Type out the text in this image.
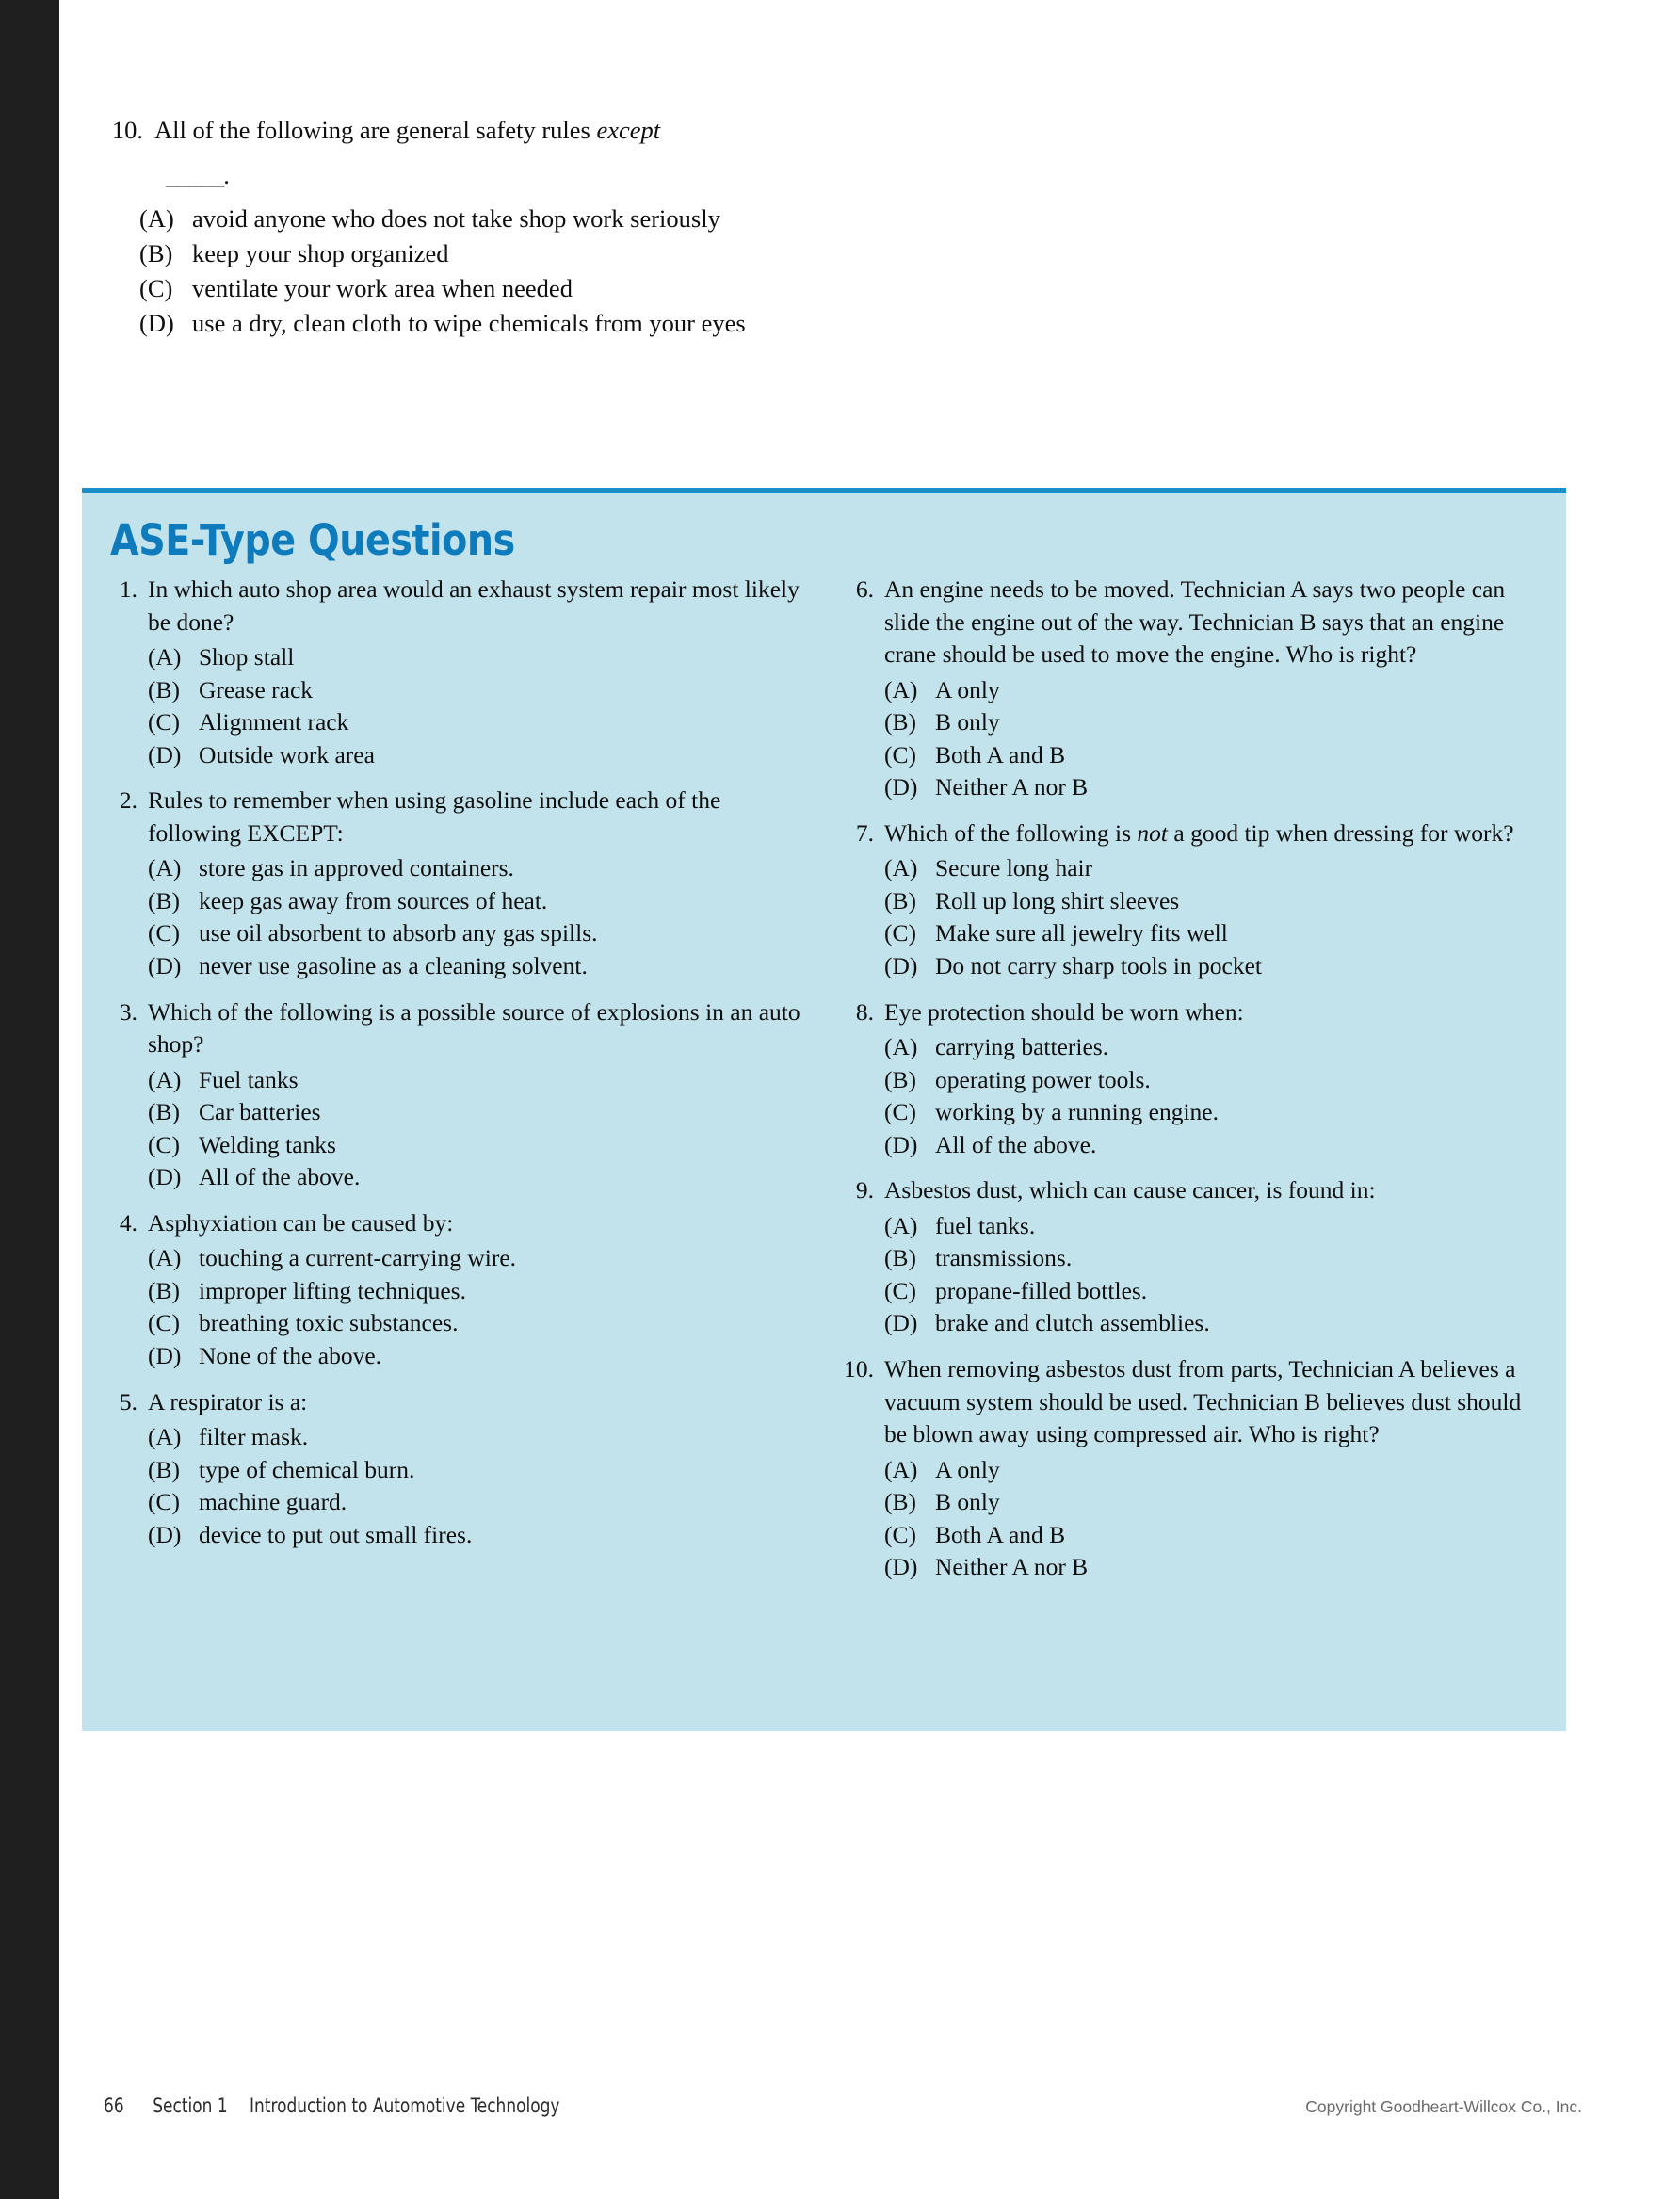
10. All of the following are general safety rules except
_____.
(A) avoid anyone who does not take shop work seriously
(B) keep your shop organized
(C) ventilate your work area when needed
(D) use a dry, clean cloth to wipe chemicals from your eyes
ASE-Type Questions
1. In which auto shop area would an exhaust system repair most likely be done?
(A) Shop stall
(B) Grease rack
(C) Alignment rack
(D) Outside work area
2. Rules to remember when using gasoline include each of the following EXCEPT:
(A) store gas in approved containers.
(B) keep gas away from sources of heat.
(C) use oil absorbent to absorb any gas spills.
(D) never use gasoline as a cleaning solvent.
3. Which of the following is a possible source of explosions in an auto shop?
(A) Fuel tanks
(B) Car batteries
(C) Welding tanks
(D) All of the above.
4. Asphyxiation can be caused by:
(A) touching a current-carrying wire.
(B) improper lifting techniques.
(C) breathing toxic substances.
(D) None of the above.
5. A respirator is a:
(A) filter mask.
(B) type of chemical burn.
(C) machine guard.
(D) device to put out small fires.
6. An engine needs to be moved. Technician A says two people can slide the engine out of the way. Technician B says that an engine crane should be used to move the engine. Who is right?
(A) A only
(B) B only
(C) Both A and B
(D) Neither A nor B
7. Which of the following is not a good tip when dressing for work?
(A) Secure long hair
(B) Roll up long shirt sleeves
(C) Make sure all jewelry fits well
(D) Do not carry sharp tools in pocket
8. Eye protection should be worn when:
(A) carrying batteries.
(B) operating power tools.
(C) working by a running engine.
(D) All of the above.
9. Asbestos dust, which can cause cancer, is found in:
(A) fuel tanks.
(B) transmissions.
(C) propane-filled bottles.
(D) brake and clutch assemblies.
10. When removing asbestos dust from parts, Technician A believes a vacuum system should be used. Technician B believes dust should be blown away using compressed air. Who is right?
(A) A only
(B) B only
(C) Both A and B
(D) Neither A nor B
66 Section 1 Introduction to Automotive Technology	Copyright Goodheart-Willcox Co., Inc.
